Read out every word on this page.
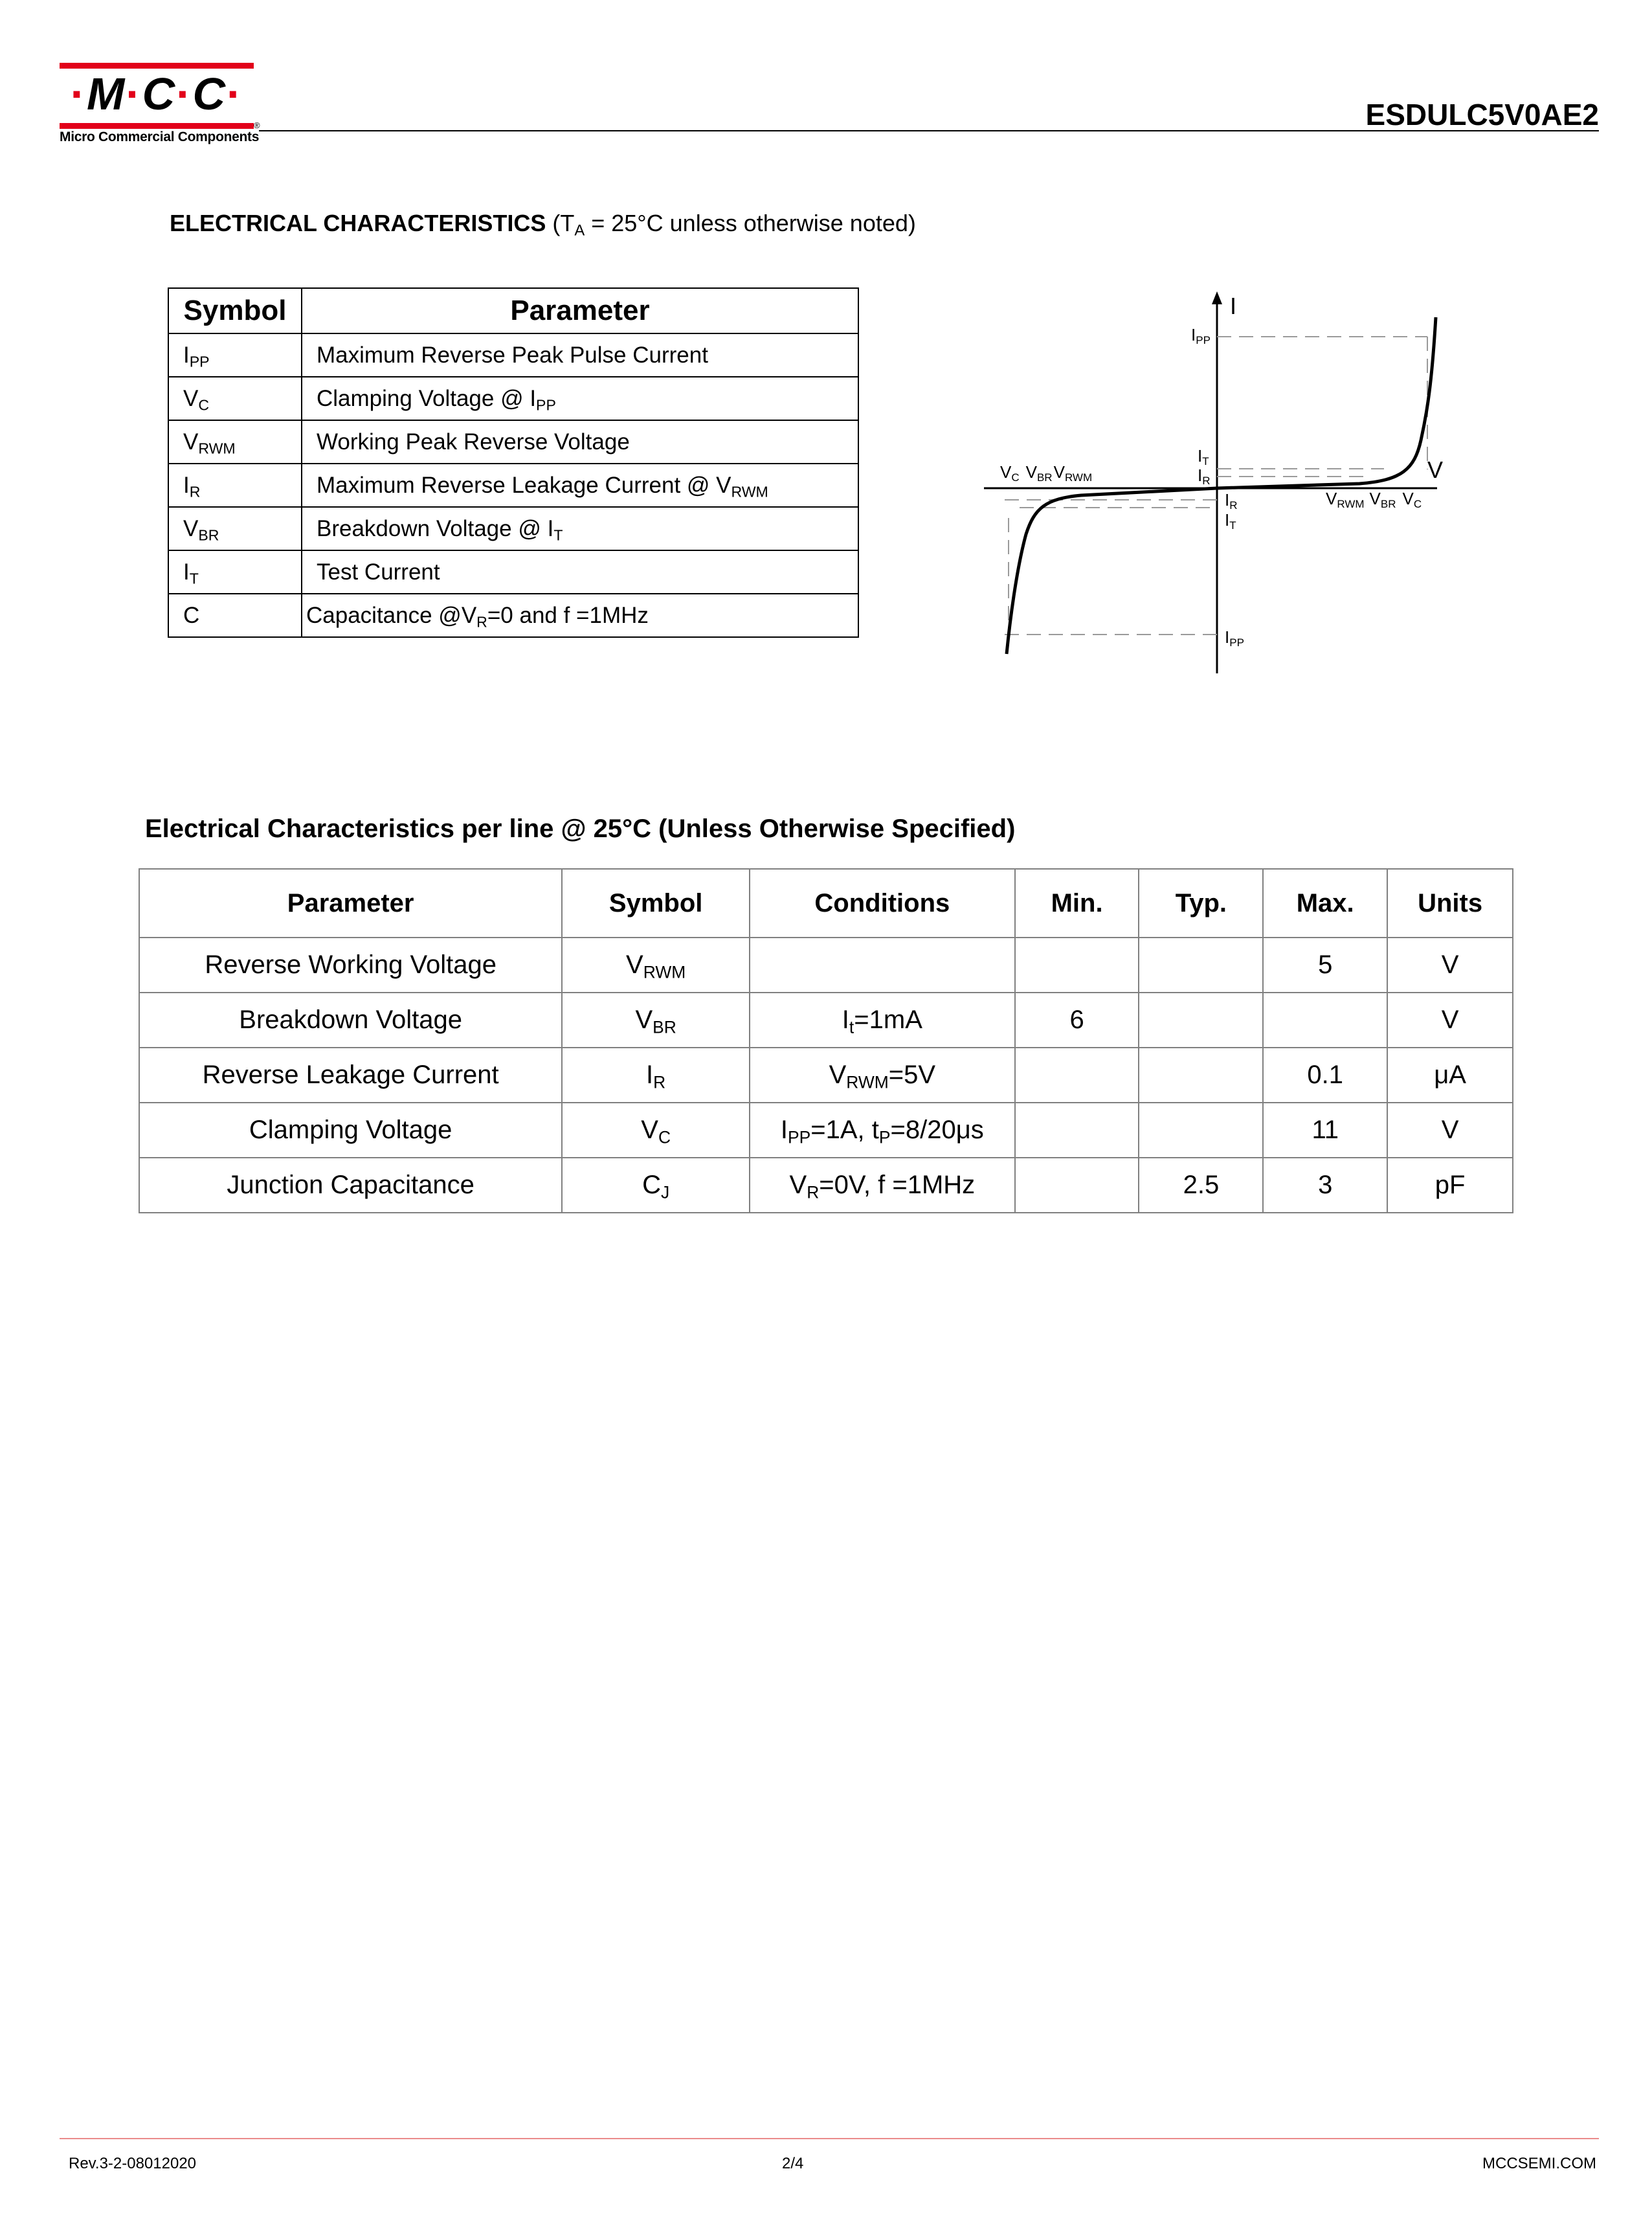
·M·C·C·
Micro Commercial Components
®	ESDULC5V0AE2
ELECTRICAL CHARACTERISTICS ($T_A = 25^\circ C$ unless otherwise noted)
Symbol	Parameter
$I_{PP}$	Maximum Reverse Peak Pulse Current
$V_C$	Clamping Voltage @ $I_{PP}$
$V_{RWM}$	Working Peak Reverse Voltage
$I_R$	Maximum Reverse Leakage Current @ $V_{RWM}$
$V_{BR}$	Breakdown Voltage @ $I_T$
$I_T$	Test Current
C	Capacitance $@V_R=0$ and f =1MHz
I
V
IPP
IT
IR
IR
IT
IPP
VC VBRVRWM
VRWM VBR VC
Electrical Characteristics per line @ 25°C (Unless Otherwise Specified)
Parameter	Symbol	Conditions	Min.	Typ.	Max.	Units
Reverse Working Voltage	$V_{RWM}$				5	V
Breakdown Voltage	$V_{BR}$	$I_t=1mA$	6			V
Reverse Leakage Current	$I_R$	$V_{RWM}=5V$			0.1	μA
Clamping Voltage	$V_C$	$I_{PP}=1A$, $t_P=8/20\mu s$			11	V
Junction Capacitance	$C_J$	$V_R=0V$, f =1MHz		2.5	3	pF
Rev.3-2-08012020	2/4	MCCSEMI.COM
